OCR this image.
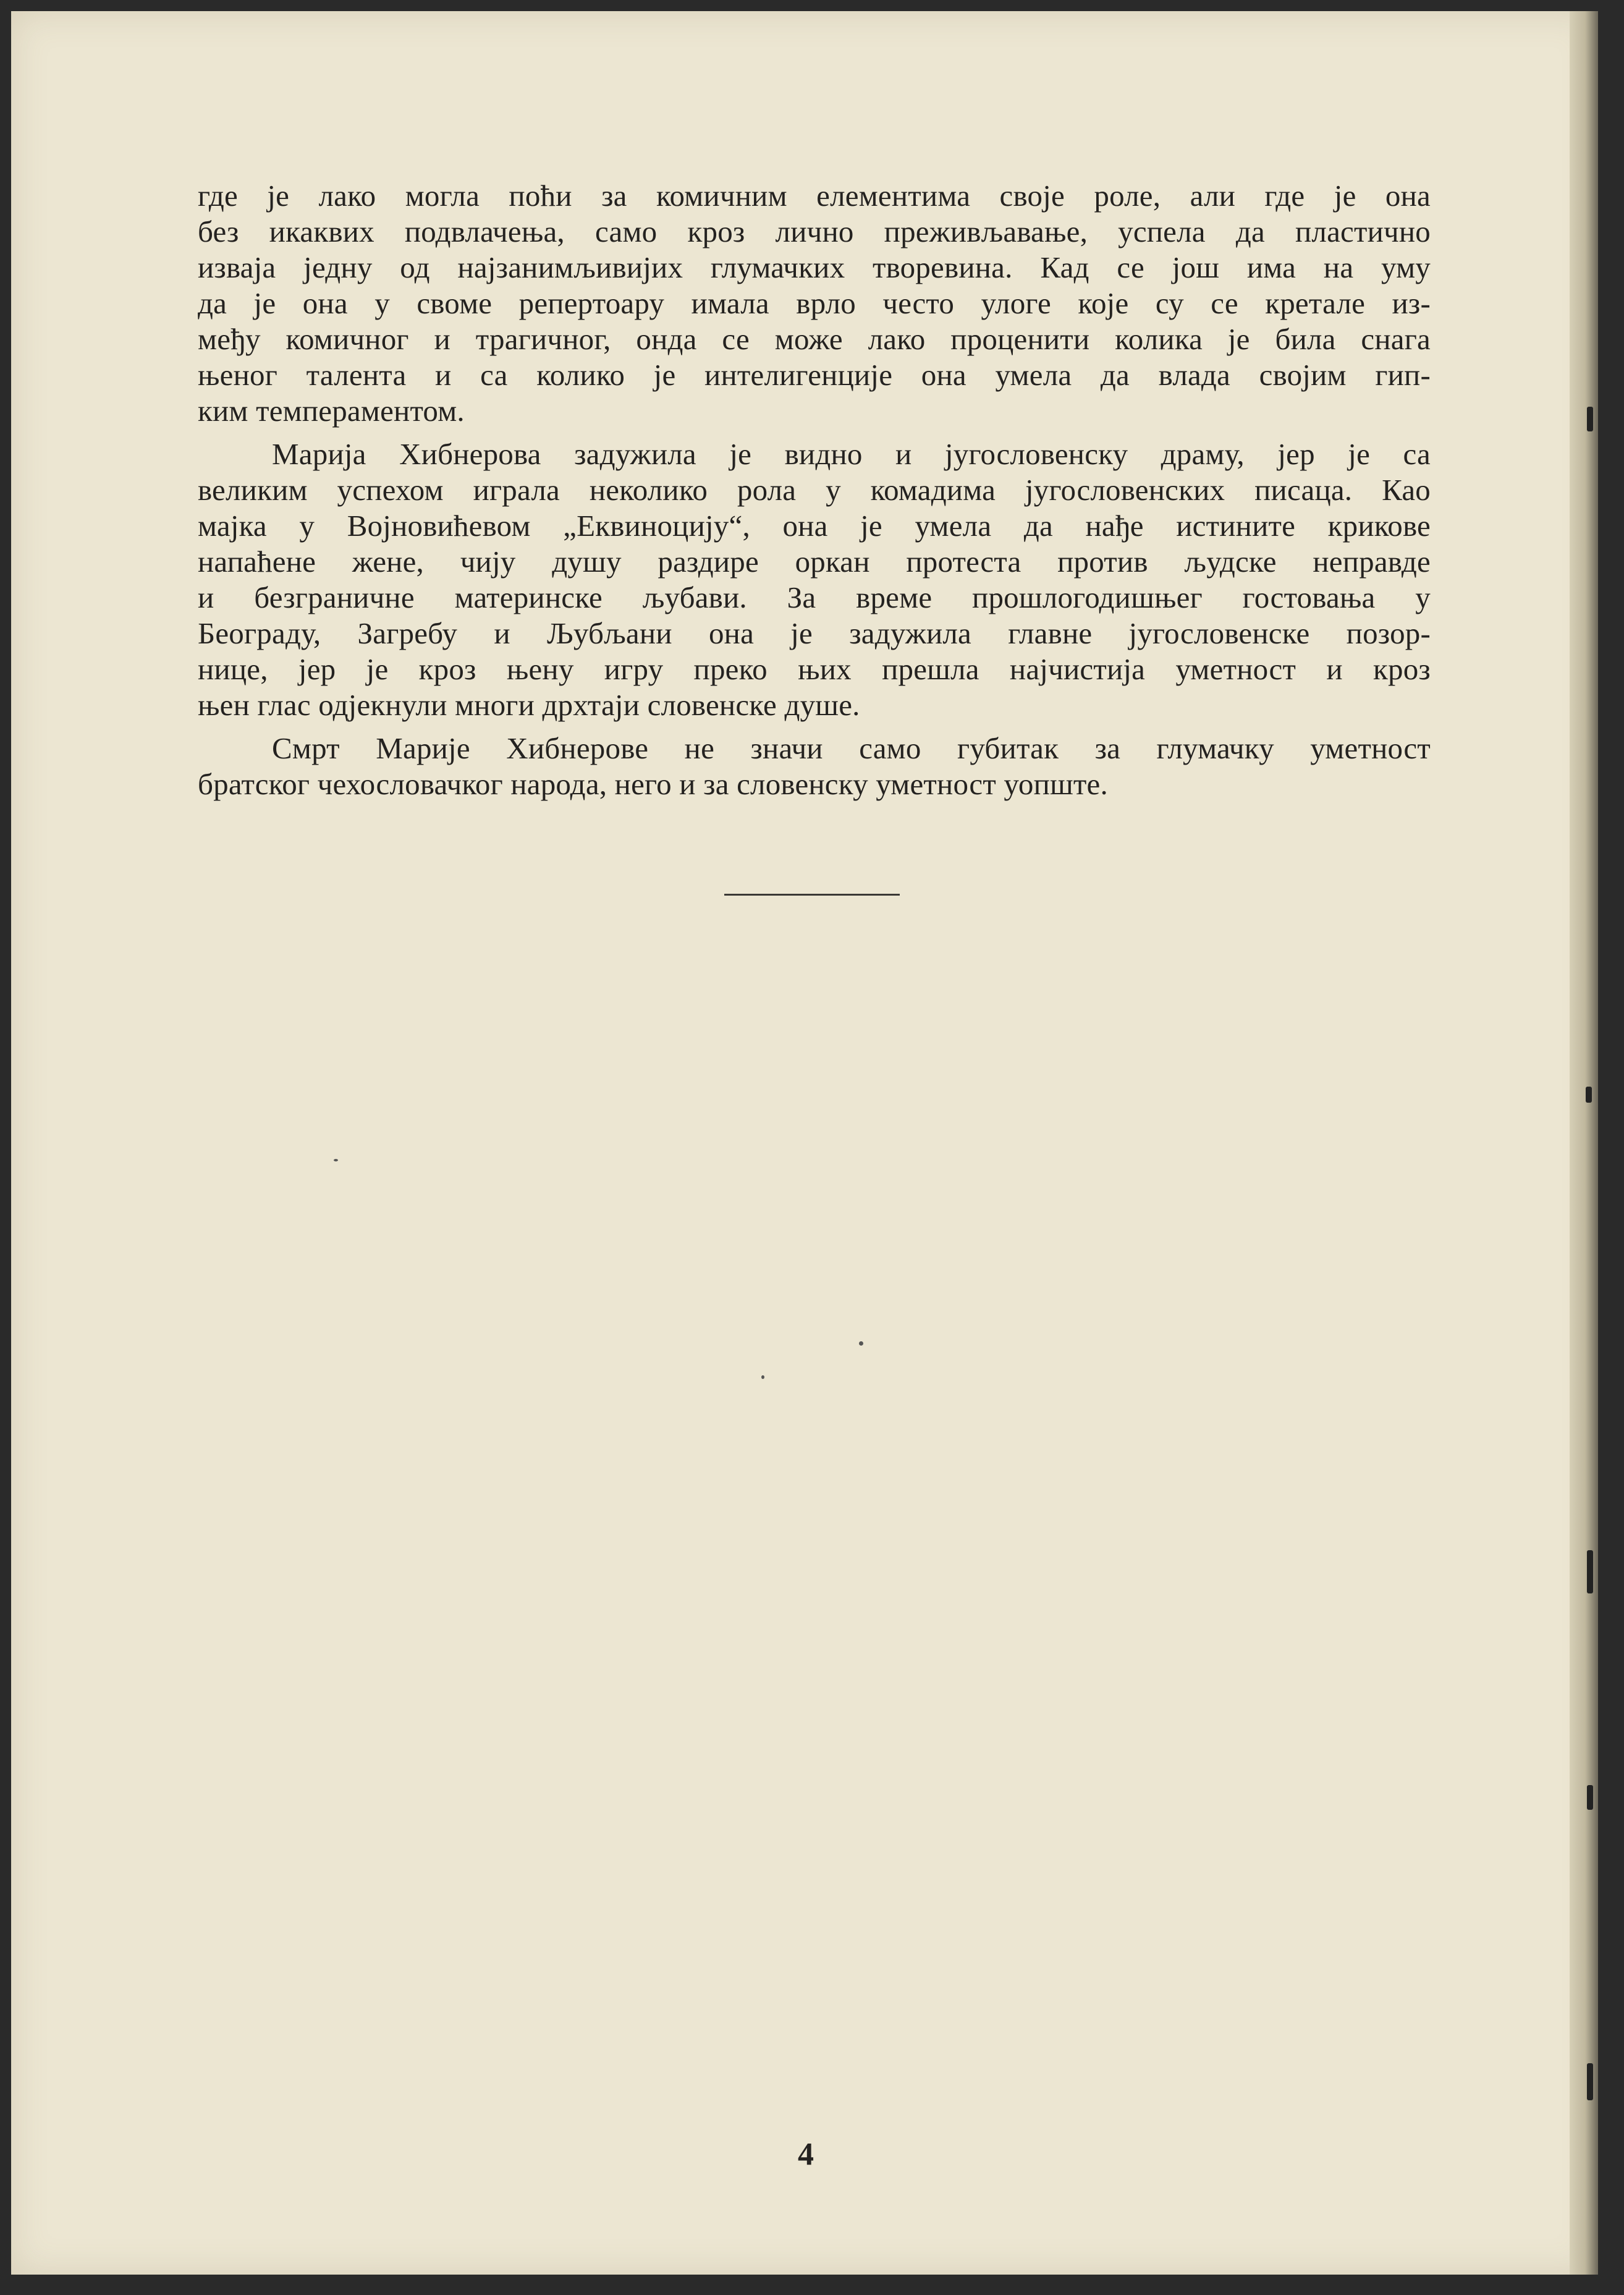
где је лако могла поћи за комичним елементима своје роле, али где је она
без икаквих подвлачења, само кроз лично преживљавање, успела да пластично
изваја једну од најзанимљивијих глумачких творевина. Кад се још има на уму
да је она у своме репертоару имала врло често улоге које су се кретале из-
међу комичног и трагичног, онда се може лако проценити колика је била снага
њеног талента и са колико је интелигенције она умела да влада својим гип-
ким темпераментом.
Марија Хибнерова задужила је видно и југословенску драму, јер је са
великим успехом играла неколико рола у комадима југословенских писаца. Као
мајка у Војновићевом „Еквиноцију“, она је умела да нађе истините крикове
напаћене жене, чију душу раздире оркан протеста против људске неправде
и безграничне материнске љубави. За време прошлогодишњег гостовања у
Београду, Загребу и Љубљани она је задужила главне југословенске позор-
нице, јер је кроз њену игру преко њих прешла најчистија уметност и кроз
њен глас одјекнули многи дрхтаји словенске душе.
Смрт Марије Хибнерове не значи само губитак за глумачку уметност
братског чехословачког народа, него и за словенску уметност уопште.
4
